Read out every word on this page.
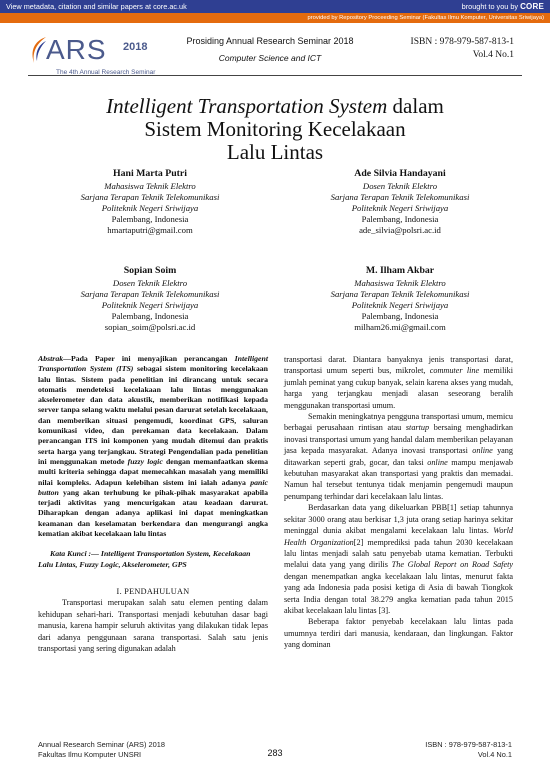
View metadata, citation and similar papers at core.ac.uk	brought to you by CORE
provided by Repository Proceeding Seminar (Fakultas Ilmu Komputer, Universitas Sriwijaya)
ARS 2018
The 4th Annual Research Seminar
Prosiding Annual Research Seminar 2018
Computer Science and ICT
ISBN : 978-979-587-813-1
Vol.4 No.1
Intelligent Transportation System dalam
Sistem Monitoring Kecelakaan
Lalu Lintas
Hani Marta Putri
Mahasiswa Teknik Elektro
Sarjana Terapan Teknik Telekomunikasi
Politeknik Negeri Sriwijaya
Palembang, Indonesia
hmartaputri@gmail.com
Ade Silvia Handayani
Dosen Teknik Elektro
Sarjana Terapan Teknik Telekomunikasi
Politeknik Negeri Sriwijaya
Palembang, Indonesia
ade_silvia@polsri.ac.id
Sopian Soim
Dosen Teknik Elektro
Sarjana Terapan Teknik Telekomunikasi
Politeknik Negeri Sriwijaya
Palembang, Indonesia
sopian_soim@polsri.ac.id
M. Ilham Akbar
Mahasiswa Teknik Elektro
Sarjana Terapan Teknik Telekomunikasi
Politeknik Negeri Sriwijaya
Palembang, Indonesia
milham26.mi@gmail.com

Abstrak—Pada Paper ini menyajikan perancangan Intelligent Transportation System (ITS) sebagai sistem monitoring kecelakaan lalu lintas. Sistem pada penelitian ini dirancang untuk secara otomatis mendeteksi kecelakaan lalu lintas menggunakan akselerometer dan data akustik, memberikan notifikasi kepada server tanpa selang waktu melalui pesan darurat setelah kecelakaan, dan memberikan situasi pengemudi, koordinat GPS, saluran komunikasi video, dan perekaman data kecelakaan. Dalam perancangan ITS ini komponen yang mudah ditemui dan praktis serta harga yang terjangkau. Strategi Pengendalian pada penelitian ini menggunakan metode fuzzy logic dengan memanfaatkan skema multi kriteria sehingga dapat memecahkan masalah yang memiliki nilai kompleks. Adapun kelebihan sistem ini ialah adanya panic button yang akan terhubung ke pihak-pihak masyarakat apabila terjadi aktivitas yang mencurigakan atau keadaan darurat. Diharapkan dengan adanya aplikasi ini dapat meningkatkan keamanan dan keselamatan berkendara dan mengurangi angka kematian akibat kecelakaan lalu lintas

Kata Kunci :— Intelligent Transportation System, Kecelakaan

Lalu Lintas, Fuzzy Logic, Akselerometer, GPS

I. PENDAHULUAN

Transportasi merupakan salah satu elemen penting dalam kehidupan sehari-hari. Transportasi menjadi kebutuhan dasar bagi manusia, karena hampir seluruh aktivitas yang dilakukan tidak lepas dari adanya penggunaan sarana transportasi. Salah satu jenis transportasi yang sering digunakan adalah

transportasi darat. Diantara banyaknya jenis transportasi darat, transportasi umum seperti bus, mikrolet, commuter line memiliki jumlah peminat yang cukup banyak, selain karena akses yang mudah, harga yang terjangkau menjadi alasan seseorang beralih menggunakan transportasi umum.

Semakin meningkatnya pengguna transportasi umum, memicu berbagai perusahaan rintisan atau startup bersaing menghadirkan inovasi transportasi umum yang handal dalam memberikan pelayanan jasa kepada masyarakat. Adanya inovasi transportasi online yang ditawarkan seperti grab, gocar, dan taksi online mampu menjawab kebutuhan masyarakat akan transportasi yang praktis dan memadai. Namun hal tersebut tentunya tidak menjamin pengemudi maupun penumpang terhindar dari kecelakaan lalu lintas.

Berdasarkan data yang dikeluarkan PBB[1] setiap tahunnya sekitar 3000 orang atau berkisar 1,3 juta orang setiap harinya sekitar meninggal dunia akibat mengalami kecelakaan lalu lintas. World Health Organization[2] memprediksi pada tahun 2030 kecelakaan lalu lintas menjadi salah satu penyebab utama kematian. Terbukti melalui data yang yang dirilis The Global Report on Road Safety dengan menempatkan angka kecelakaan lalu lintas, menurut fakta yang ada Indonesia pada posisi ketiga di Asia di bawah Tiongkok serta India dengan total 38.279 angka kematian pada tahun 2015 akibat kecelakaan lalu lintas [3].

Beberapa faktor penyebab kecelakaan lalu lintas pada umumnya terdiri dari manusia, kendaraan, dan lingkungan. Faktor yang dominan

Annual Research Seminar (ARS) 2018
Fakultas Ilmu Komputer UNSRI	283
ISBN : 978-979-587-813-1
Vol.4 No.1
